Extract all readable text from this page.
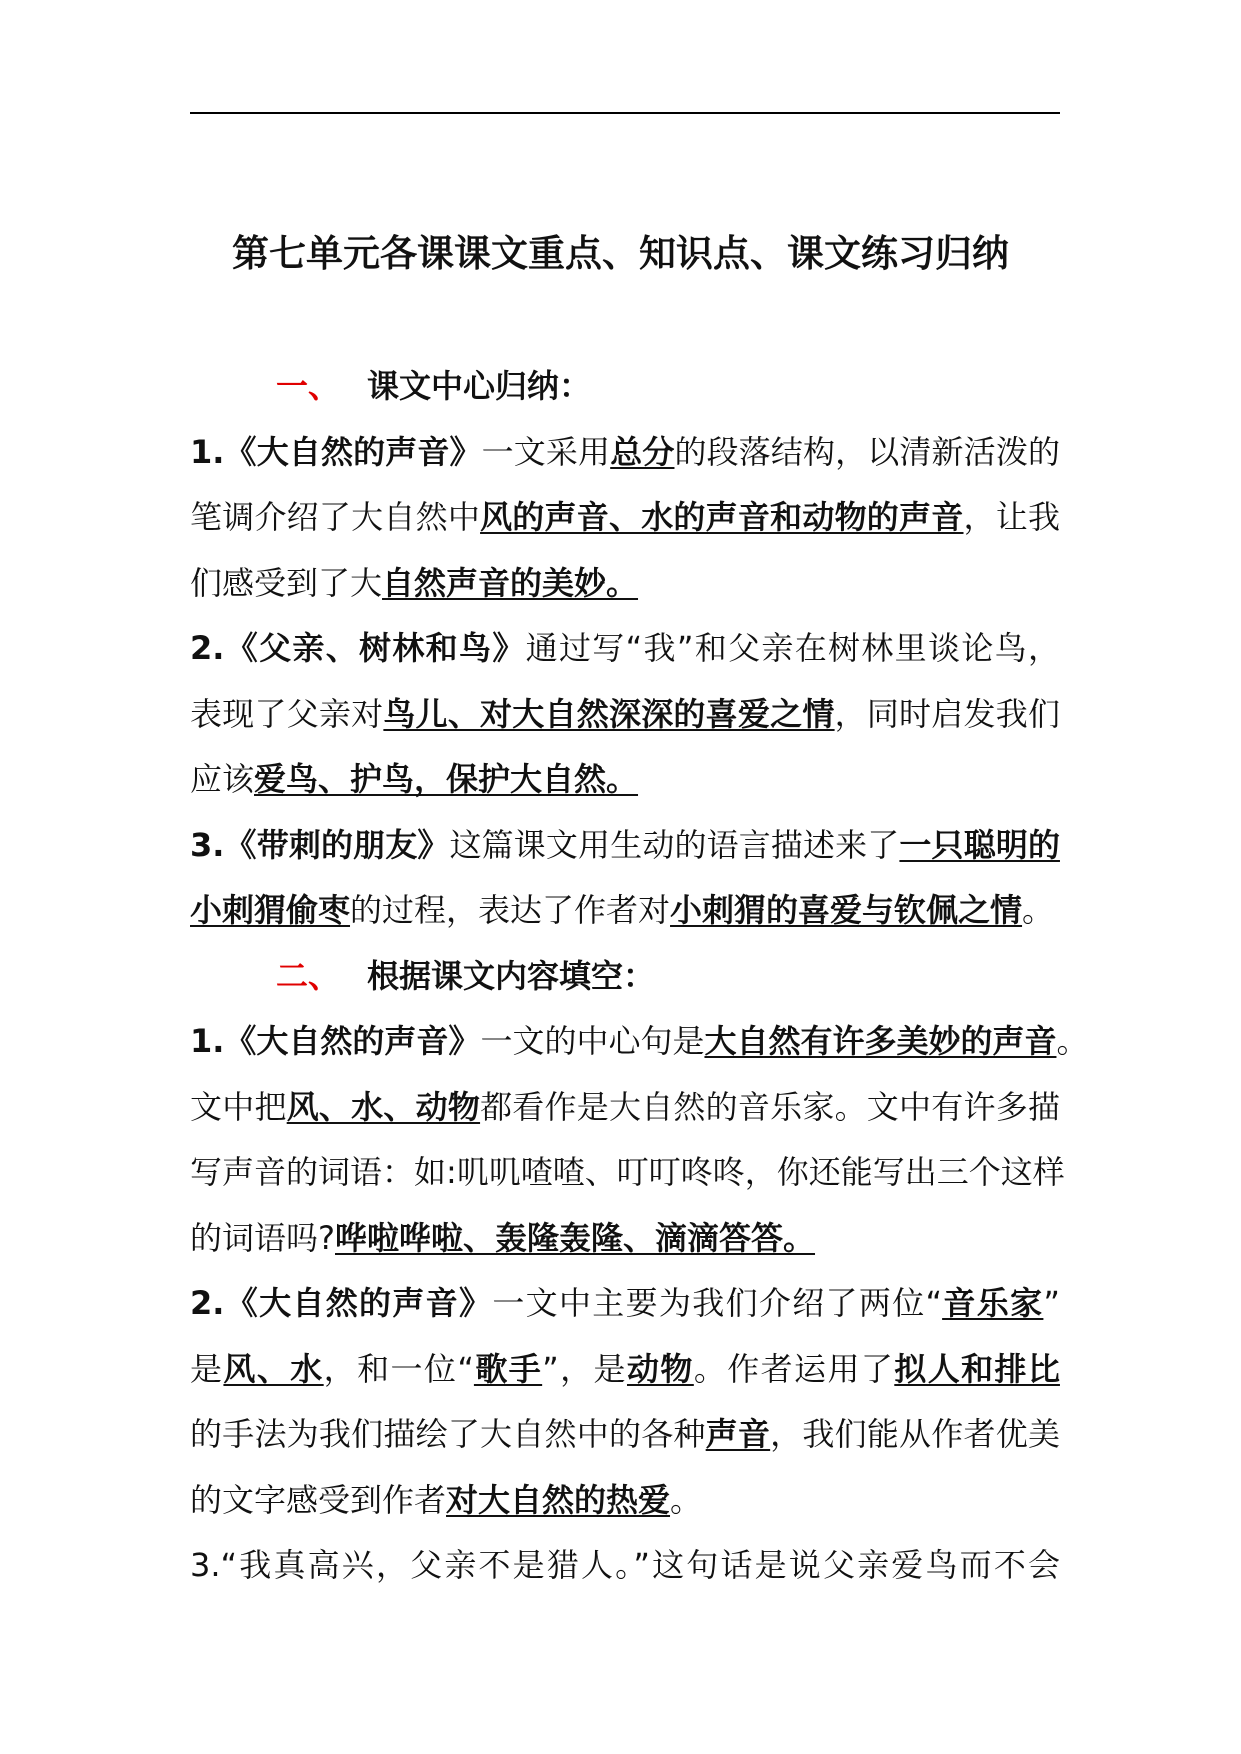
第七单元各课课文重点、知识点、课文练习归纳
一、 课文中心归纳：
1.《大自然的声音》一文采用总分的段落结构，以清新活泼的
笔调介绍了大自然中风的声音、水的声音和动物的声音，让我
们感受到了大自然声音的美妙。
2.《父亲、树林和鸟》通过写“我”和父亲在树林里谈论鸟，
表现了父亲对鸟儿、对大自然深深的喜爱之情，同时启发我们
应该爱鸟、护鸟，保护大自然。
3.《带刺的朋友》这篇课文用生动的语言描述来了一只聪明的
小刺猬偷枣的过程，表达了作者对小刺猬的喜爱与钦佩之情。
二、 根据课文内容填空：
1.《大自然的声音》一文的中心句是大自然有许多美妙的声音。
文中把风、水、动物都看作是大自然的音乐家。文中有许多描
写声音的词语：如:叽叽喳喳、叮叮咚咚，你还能写出三个这样
的词语吗?哗啦哗啦、轰隆轰隆、滴滴答答。
2.《大自然的声音》一文中主要为我们介绍了两位“音乐家”
是风、水，和一位“歌手”，是动物。作者运用了拟人和排比
的手法为我们描绘了大自然中的各种声音，我们能从作者优美
的文字感受到作者对大自然的热爱。
3.“我真高兴，父亲不是猎人。”这句话是说父亲爱鸟而不会
